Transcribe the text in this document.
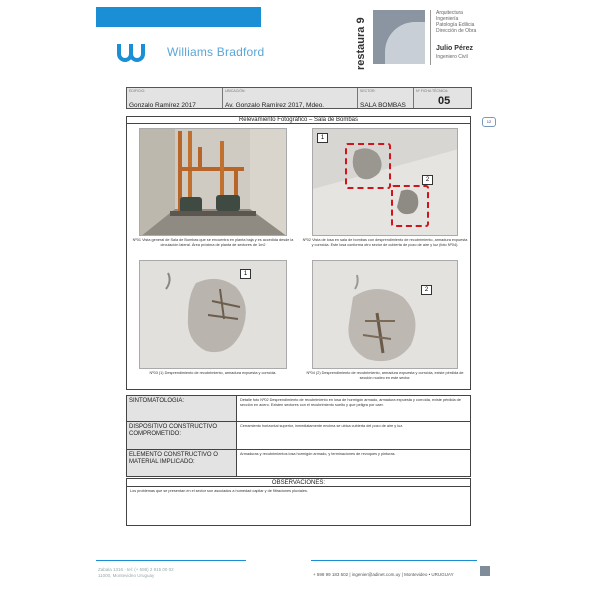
Williams Bradford	restaura 9
Arquitectura
Ingeniería
Patología Edilicia
Dirección de Obra
Julio Pérez
Ingeniero Civil
EDIFICIO:
Gonzalo Ramírez 2017
UBICACIÓN:
Av. Gonzalo Ramírez 2017, Mdeo.
SECTOR:
SALA BOMBAS
Nº FICHA TÉCNICA:
05
12
Relevamiento Fotográfico – Sala de Bombas
1
2
Nº01 Vista general de Sala de Bombas que se encuentra en planta baja y es accedida desde la circulación lateral. Área próxima de planta de sectores de 1m2
Nº02 Vista de losa en sala de bombas con desprendimiento de recubrimiento, armadura expuesta y corroída. Este losa conforma otro sector de cubierta de pozo de aire y luz (foto Nº04).
1
2
Nº03 (1) Desprendimiento de recubrimiento, armadura expuesta y corroída.	Nº04 (2) Desprendimiento de recubrimiento, armadura expuesta y corroída, existe pérdida de sección nucleo en este sector.
SINTOMATOLOGIA:	Detalle foto Nº02 Desprendimiento de recubrimiento en losa de hormigón armado, armadura expuesta y corroída, existe pérdida de sección en acero. Existen sectores con el recubrimiento suelto y que peligra por caer.
DISPOSITIVO CONSTRUCTIVO COMPROMETIDO:
Cerramiento horizontal superior, inmediatamente encima se ubica cubierta del pozo de aire y luz.
ELEMENTO CONSTRUCTIVO O MATERIAL IMPLICADO:
Armaduras y recubrimientos losa hormigón armado, y terminaciones de revoques y pinturas.
OBSERVACIONES:
Los problemas que se presentan en el sector son asociados a humedad capilar y de filtraciones pluviales.
Zabala 1316 · tel: (+ 598) 2 915 00 02
11000, Montevideo Uruguay	+ 598 99 183 502 | ingenier@adinet.com.uy | Montevideo • URUGUAY
